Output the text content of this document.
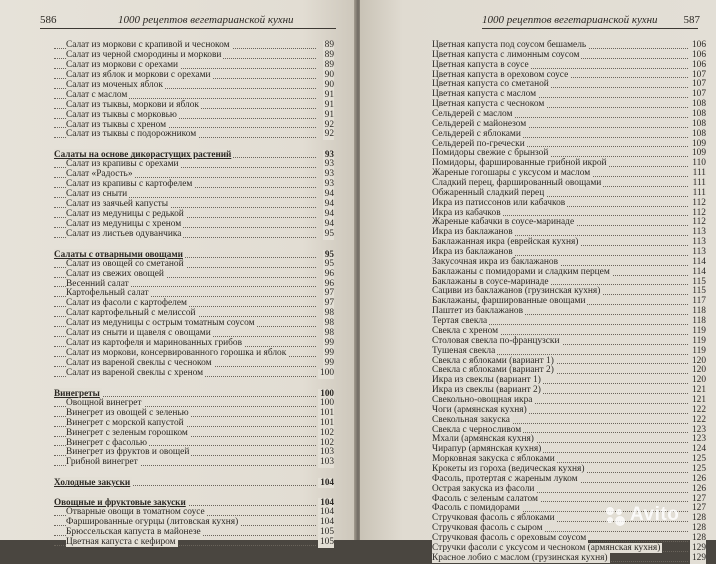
586	1000 рецептов вегетарианской кухни
Салат из моркови с крапивой и чесноком	89
Салат из черной смородины и моркови	89
Салат из моркови с орехами	89
Салат из яблок и моркови с орехами	90
Салат из моченых яблок	90
Салат с маслом	91
Салат из тыквы, моркови и яблок	91
Салат из тыквы с морковью	91
Салат из тыквы с хреном	92
Салат из тыквы с подорожником	92
Салаты на основе дикорастущих растений	93
Салат из крапивы с орехами	93
Салат «Радость»	93
Салат из крапивы с картофелем	93
Салат из сныти	94
Салат из заячьей капусты	94
Салат из медуницы с редькой	94
Салат из медуницы с хреном	94
Салат из листьев одуванчика	95
Салаты с отварными овощами	95
Салат из овощей со сметаной	95
Салат из свежих овощей	96
Весенний салат	96
Картофельный салат	97
Салат из фасоли с картофелем	97
Салат картофельный с мелиссой	98
Салат из медуницы с острым томатным соусом	98
Салат из сныти и щавеля с овощами	98
Салат из картофеля и маринованных грибов	99
Салат из моркови, консервированного горошка и яблок	99
Салат из вареной свеклы с чесноком	99
Салат из вареной свеклы с хреном	100
Винегреты	100
Овощной винегрет	100
Винегрет из овощей с зеленью	101
Винегрет с морской капустой	101
Винегрет с зеленым горошком	102
Винегрет с фасолью	102
Винегрет из фруктов и овощей	103
Грибной винегрет	103
Холодные закуски	104
Овощные и фруктовые закуски	104
Отварные овощи в томатном соусе	104
Фаршированные огурцы (литовская кухня)	104
Брюссельская капуста в майонезе	105
Цветная капуста с кефиром	105
1000 рецептов вегетарианской кухни 587
Цветная капуста под соусом бешамель	106
Цветная капуста с лимонным соусом	106
Цветная капуста в соусе	106
Цветная капуста в ореховом соусе	107
Цветная капуста со сметаной	107
Цветная капуста с маслом	107
Цветная капуста с чесноком	108
Сельдерей с маслом	108
Сельдерей с майонезом	108
Сельдерей с яблоками	108
Сельдерей по-гречески	109
Помидоры свежие с брынзой	109
Помидоры, фаршированные грибной икрой	110
Жареные гогошары с уксусом и маслом	111
Сладкий перец, фаршированный овощами	111
Обжаренный сладкий перец	111
Икра из патиссонов или кабачков	112
Икра из кабачков	112
Жареные кабачки в соусе-маринаде	112
Икра из баклажанов	113
Баклажанная икра (еврейская кухня)	113
Икра из баклажанов	113
Закусочная икра из баклажанов	114
Баклажаны с помидорами и сладким перцем	114
Баклажаны в соусе-маринаде	115
Сациви из баклажанов (грузинская кухня)	115
Баклажаны, фаршированные овощами	117
Паштет из баклажанов	118
Тертая свекла	118
Свекла с хреном	119
Столовая свекла по-французски	119
Тушеная свекла	119
Свекла с яблоками (вариант 1)	120
Свекла с яблоками (вариант 2)	120
Икра из свеклы (вариант 1)	120
Икра из свеклы (вариант 2)	121
Свекольно-овощная икра	121
Чоги (армянская кухня)	122
Свекольная закуска	122
Свекла с черносливом	123
Мхали (армянская кухня)	123
Чирапур (армянская кухня)	124
Морковная закуска с яблоками	125
Крокеты из гороха (ведическая кухня)	125
Фасоль, протертая с жареным луком	126
Острая закуска из фасоли	126
Фасоль с зеленым салатом	127
Фасоль с помидорами	127
Стручковая фасоль с яблоками	128
Стручковая фасоль с сыром	128
Стручковая фасоль с ореховым соусом	128
Стручки фасоли с уксусом и чесноком (армянская кухня)	129
Красное лобио с маслом (грузинская кухня)	129
Avito
